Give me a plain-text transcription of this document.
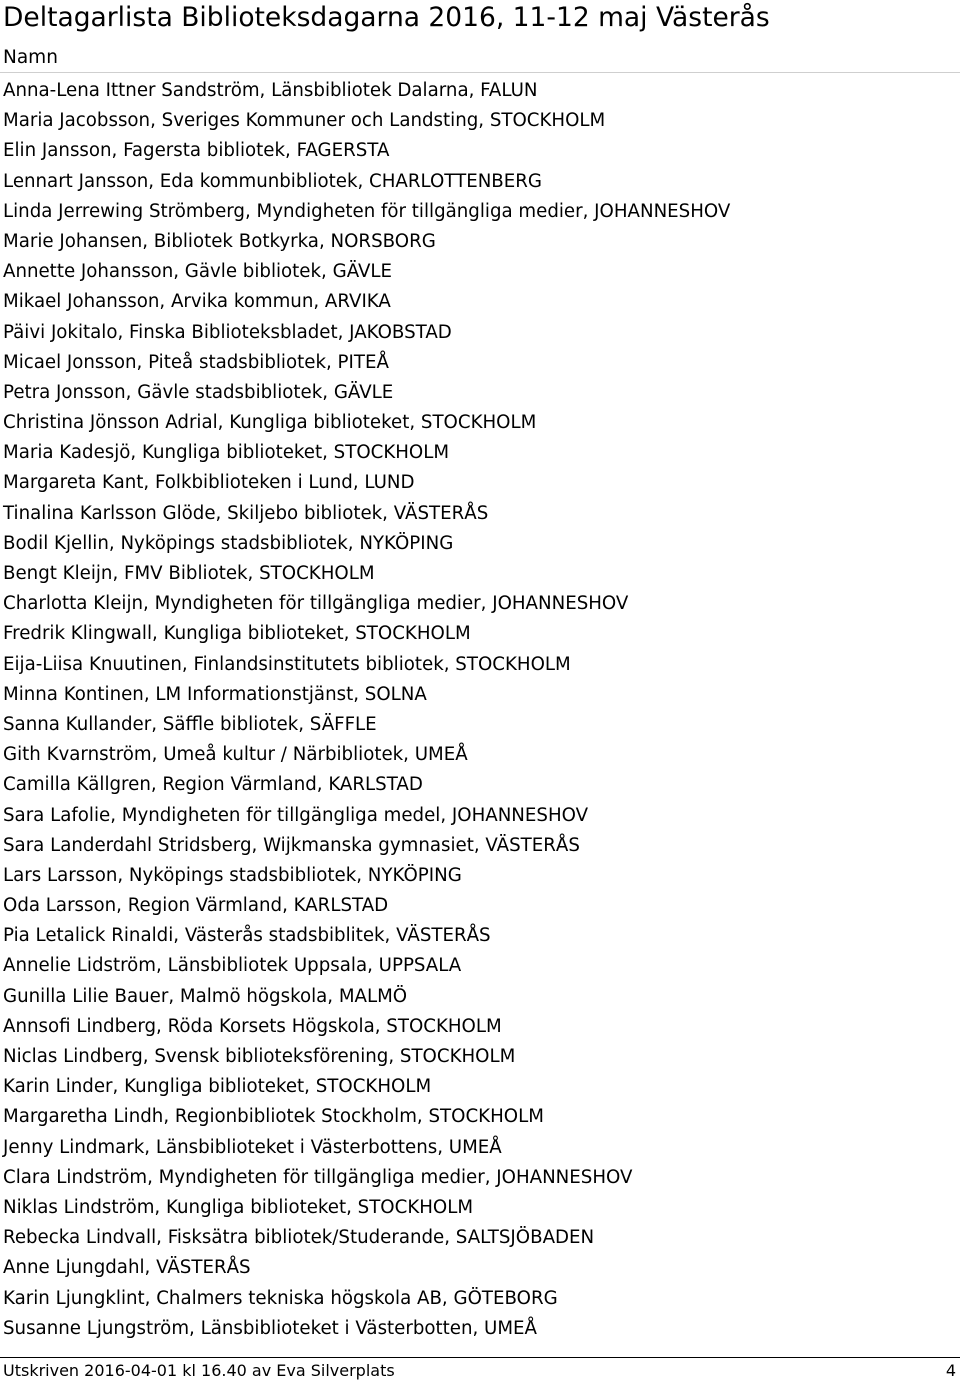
Deltagarlista Biblioteksdagarna 2016, 11-12 maj Västerås
Namn
Anna-Lena Ittner Sandström, Länsbibliotek Dalarna, FALUN
Maria Jacobsson, Sveriges Kommuner och Landsting, STOCKHOLM
Elin Jansson, Fagersta bibliotek, FAGERSTA
Lennart Jansson, Eda kommunbibliotek, CHARLOTTENBERG
Linda Jerrewing Strömberg, Myndigheten för tillgängliga medier, JOHANNESHOV
Marie Johansen, Bibliotek Botkyrka, NORSBORG
Annette Johansson, Gävle bibliotek, GÄVLE
Mikael Johansson, Arvika kommun, ARVIKA
Päivi Jokitalo, Finska Biblioteksbladet, JAKOBSTAD
Micael Jonsson, Piteå stadsbibliotek, PITEÅ
Petra Jonsson, Gävle stadsbibliotek, GÄVLE
Christina Jönsson Adrial, Kungliga biblioteket, STOCKHOLM
Maria Kadesjö, Kungliga biblioteket, STOCKHOLM
Margareta Kant, Folkbiblioteken i Lund, LUND
Tinalina Karlsson Glöde, Skiljebo bibliotek, VÄSTERÅS
Bodil Kjellin, Nyköpings stadsbibliotek, NYKÖPING
Bengt Kleijn, FMV Bibliotek, STOCKHOLM
Charlotta Kleijn, Myndigheten för tillgängliga medier, JOHANNESHOV
Fredrik Klingwall, Kungliga biblioteket, STOCKHOLM
Eija-Liisa Knuutinen, Finlandsinstitutets bibliotek, STOCKHOLM
Minna Kontinen, LM Informationstjänst, SOLNA
Sanna Kullander, Säffle bibliotek, SÄFFLE
Gith Kvarnström, Umeå kultur / Närbibliotek, UMEÅ
Camilla Källgren, Region Värmland, KARLSTAD
Sara Lafolie, Myndigheten för tillgängliga medel, JOHANNESHOV
Sara Landerdahl Stridsberg, Wijkmanska gymnasiet, VÄSTERÅS
Lars Larsson, Nyköpings stadsbibliotek, NYKÖPING
Oda Larsson, Region Värmland, KARLSTAD
Pia Letalick Rinaldi, Västerås stadsbiblitek, VÄSTERÅS
Annelie Lidström, Länsbibliotek Uppsala, UPPSALA
Gunilla Lilie Bauer, Malmö högskola, MALMÖ
Annsofi Lindberg, Röda Korsets Högskola, STOCKHOLM
Niclas Lindberg, Svensk biblioteksförening, STOCKHOLM
Karin Linder, Kungliga biblioteket, STOCKHOLM
Margaretha Lindh, Regionbibliotek Stockholm, STOCKHOLM
Jenny Lindmark, Länsbiblioteket i Västerbottens, UMEÅ
Clara Lindström, Myndigheten för tillgängliga medier, JOHANNESHOV
Niklas Lindström, Kungliga biblioteket, STOCKHOLM
Rebecka Lindvall, Fisksätra bibliotek/Studerande, SALTSJÖBADEN
Anne Ljungdahl, VÄSTERÅS
Karin Ljungklint, Chalmers tekniska högskola AB, GÖTEBORG
Susanne Ljungström, Länsbiblioteket i Västerbotten, UMEÅ
Utskriven 2016-04-01 kl 16.40 av Eva Silverplats	4
